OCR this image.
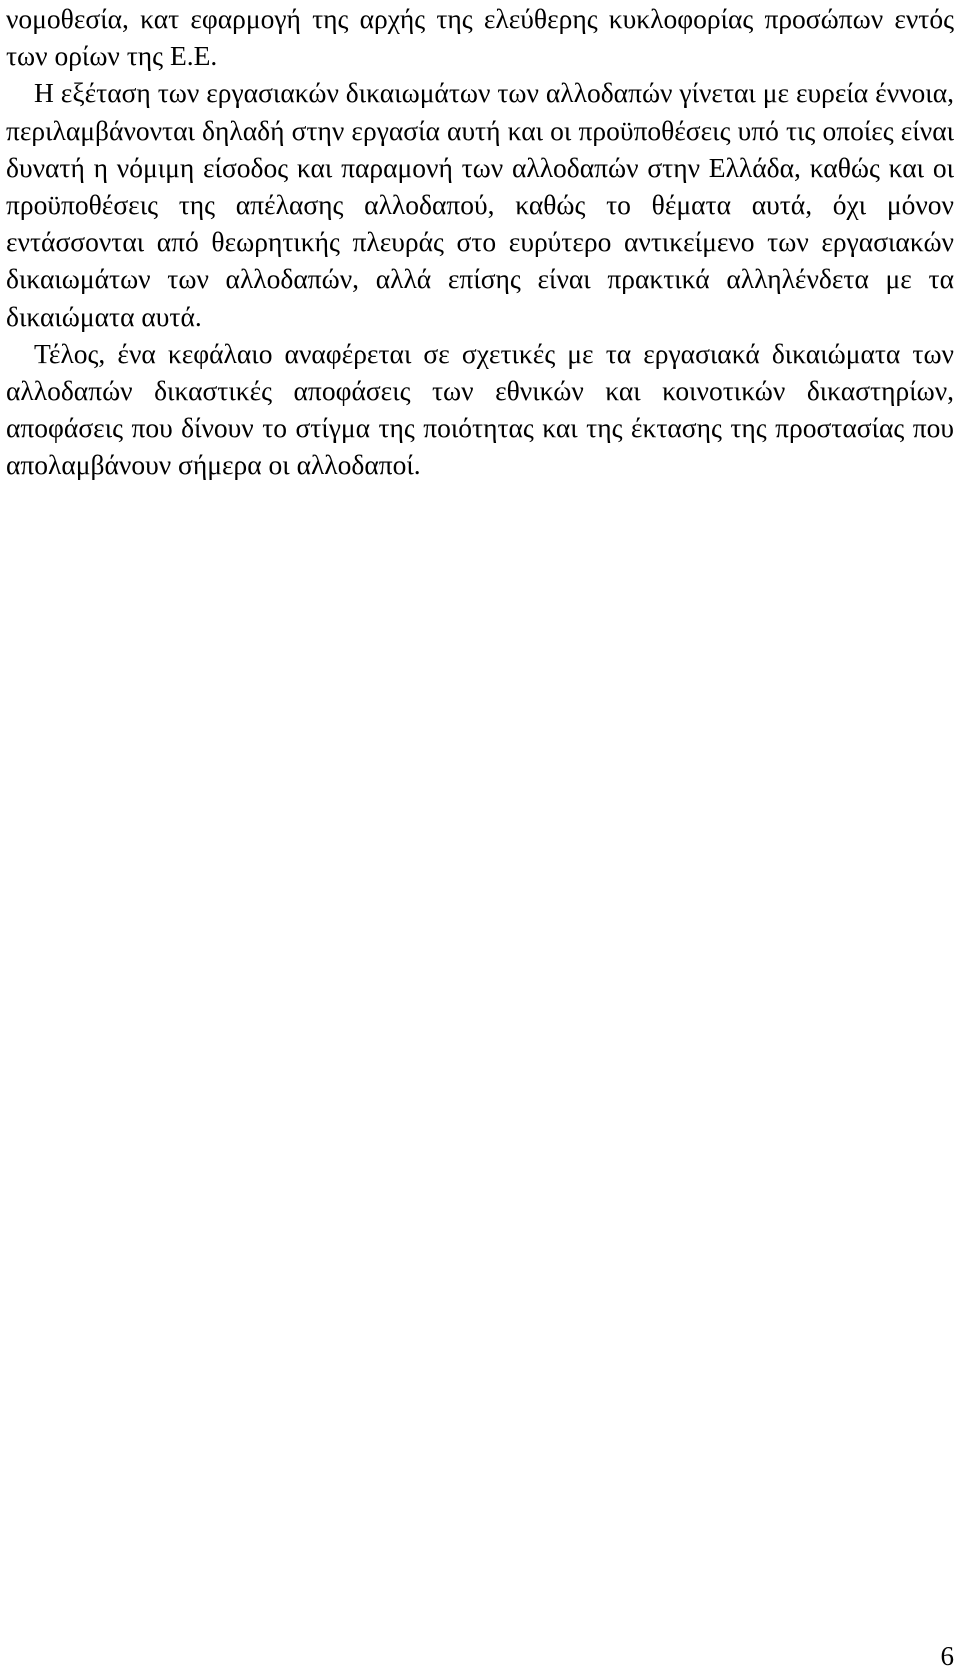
νομοθεσία, κατ εφαρμογή της αρχής της ελεύθερης κυκλοφορίας προσώπων εντός των ορίων της Ε.Ε.

Η εξέταση των εργασιακών δικαιωμάτων των αλλοδαπών γίνεται με ευρεία έννοια, περιλαμβάνονται δηλαδή στην εργασία αυτή και οι προϋποθέσεις υπό τις οποίες είναι δυνατή η νόμιμη είσοδος και παραμονή των αλλοδαπών στην Ελλάδα, καθώς και οι προϋποθέσεις της απέλασης αλλοδαπού, καθώς το θέματα αυτά, όχι μόνον εντάσσονται από θεωρητικής πλευράς στο ευρύτερο αντικείμενο των εργασιακών δικαιωμάτων των αλλοδαπών, αλλά επίσης είναι πρακτικά αλληλένδετα με τα δικαιώματα αυτά.

Τέλος, ένα κεφάλαιο αναφέρεται σε σχετικές με τα εργασιακά δικαιώματα των αλλοδαπών δικαστικές αποφάσεις των εθνικών και κοινοτικών δικαστηρίων, αποφάσεις που δίνουν το στίγμα της ποιότητας και της έκτασης της προστασίας που απολαμβάνουν σήμερα οι αλλοδαποί.

6
